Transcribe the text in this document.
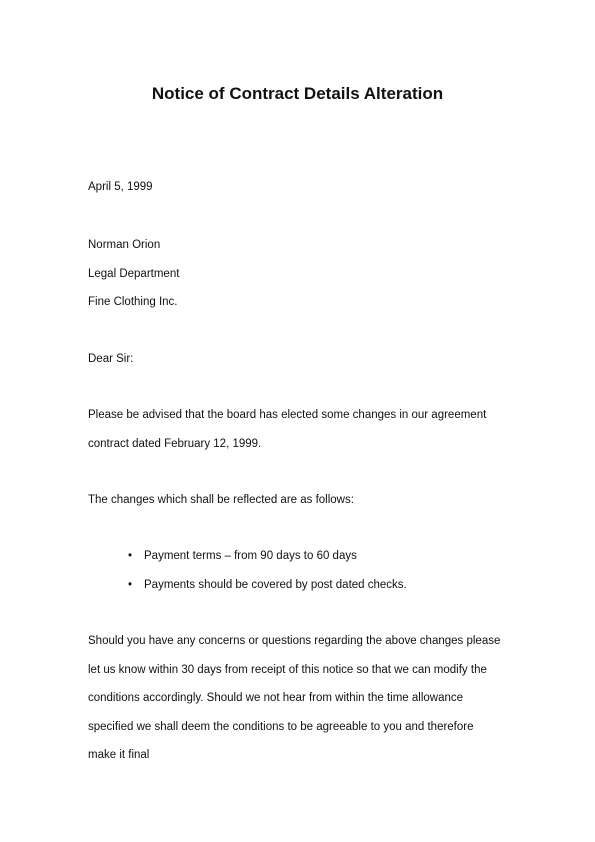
Notice of Contract Details Alteration
April 5, 1999
Norman Orion
Legal Department
Fine Clothing Inc.
Dear Sir:
Please be advised that the board has elected some changes in our agreement
contract dated February 12, 1999.
The changes which shall be reflected are as follows:
• Payment terms – from 90 days to 60 days
• Payments should be covered by post dated checks.
Should you have any concerns or questions regarding the above changes please
let us know within 30 days from receipt of this notice so that we can modify the
conditions accordingly. Should we not hear from within the time allowance
specified we shall deem the conditions to be agreeable to you and therefore
make it final
